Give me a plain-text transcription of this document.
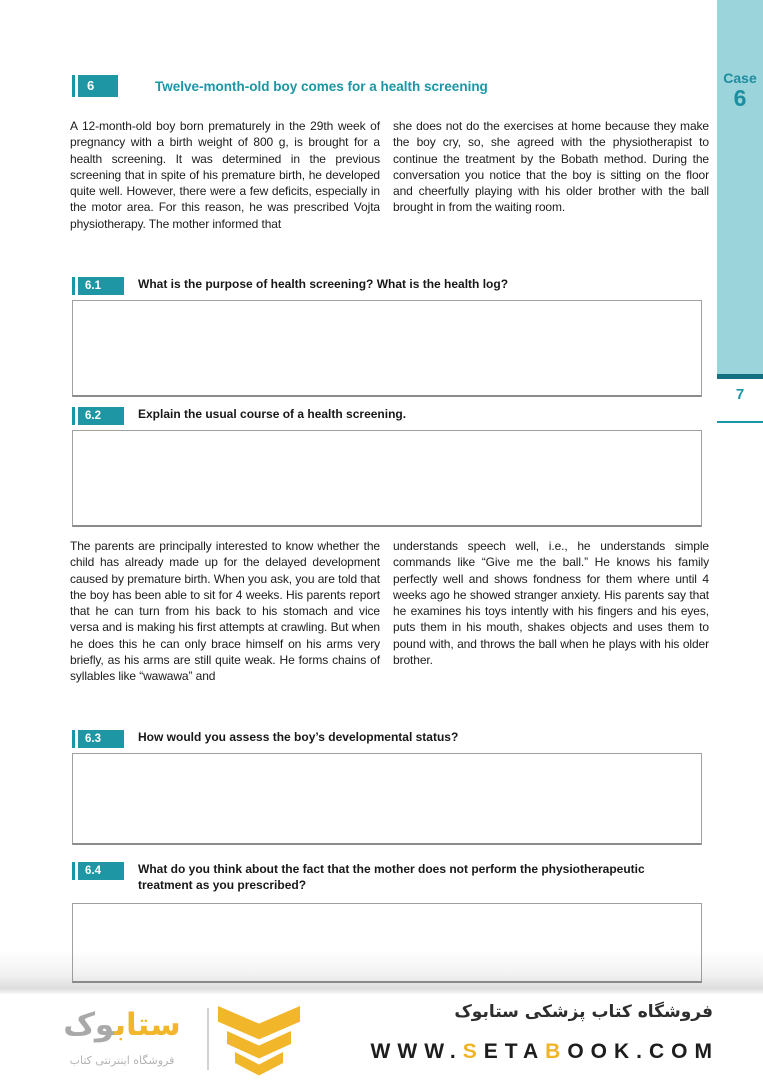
Case
6
7
6	Twelve-month-old boy comes for a health screening
A 12-month-old boy born prematurely in the 29th week of pregnancy with a birth weight of 800 g, is brought for a health screening. It was determined in the previous screening that in spite of his premature birth, he developed quite well. However, there were a few deficits, especially in the motor area. For this reason, he was prescribed Vojta physiotherapy. The mother informed that
she does not do the exercises at home because they make the boy cry, so, she agreed with the physiotherapist to continue the treatment by the Bobath method. During the conversation you notice that the boy is sitting on the floor and cheerfully playing with his older brother with the ball brought in from the waiting room.
6.1	What is the purpose of health screening? What is the health log?
6.2	Explain the usual course of a health screening.
The parents are principally interested to know whether the child has already made up for the delayed development caused by premature birth. When you ask, you are told that the boy has been able to sit for 4 weeks. His parents report that he can turn from his back to his stomach and vice versa and is making his first attempts at crawling. But when he does this he can only brace himself on his arms very briefly, as his arms are still quite weak. He forms chains of syllables like “wawawa” and
understands speech well, i.e., he understands simple commands like “Give me the ball.” He knows his family perfectly well and shows fondness for them where until 4 weeks ago he showed stranger anxiety. His parents say that he examines his toys intently with his fingers and his eyes, puts them in his mouth, shakes objects and uses them to pound with, and throws the ball when he plays with his older brother.
6.3	How would you assess the boy’s developmental status?
6.4	What do you think about the fact that the mother does not perform the physiotherapeutic treatment as you prescribed?
ستابوک
فروشگاه اینترنتی کتاب
فروشگاه کتاب پزشکی ستابوک
WWW.SETABOOK.COM
